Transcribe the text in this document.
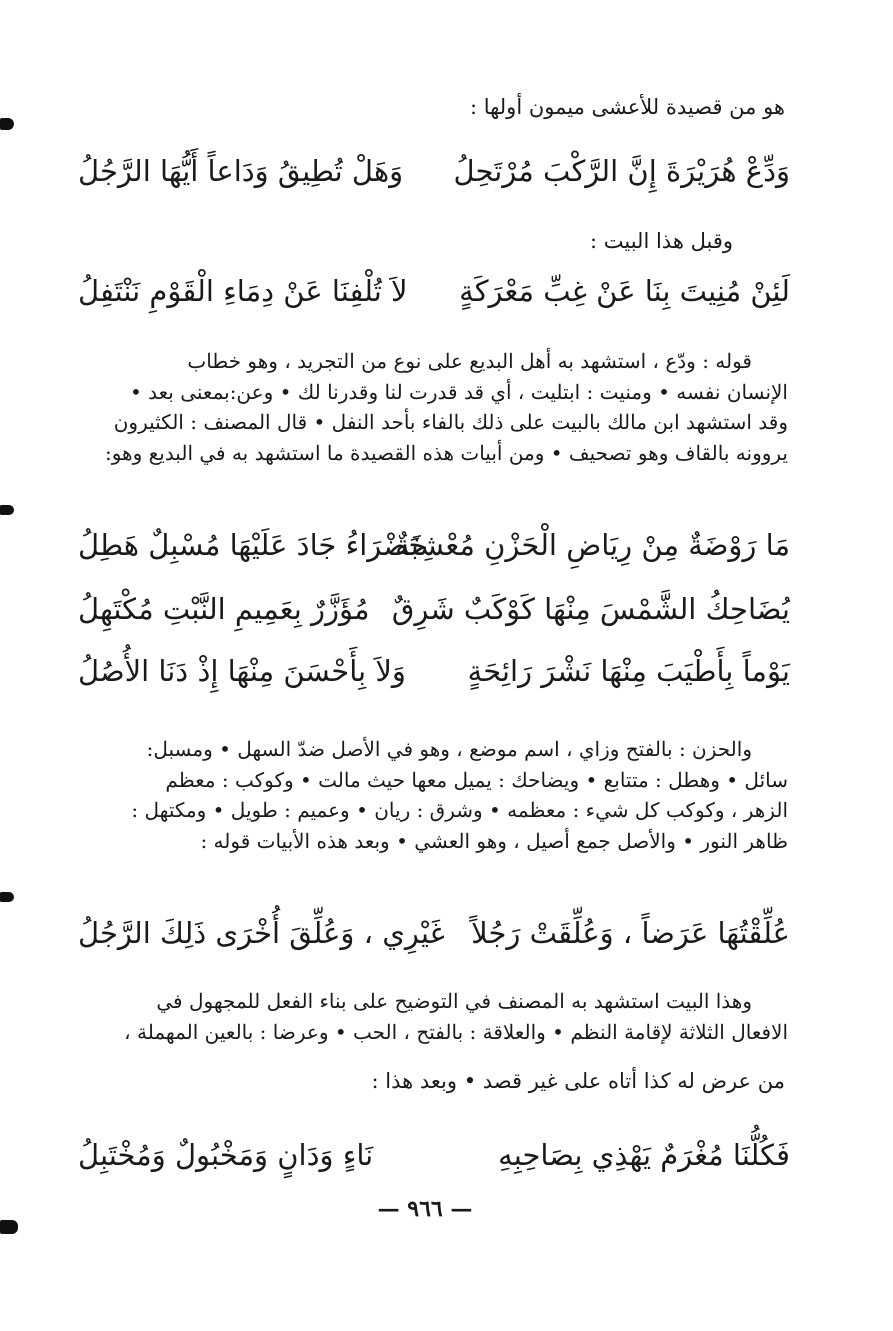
هو من قصيدة للأعشى ميمون أولها :
وَدِّعْ هُرَيْرَةَ إِنَّ الرَّكْبَ مُرْتَحِلُ
وَهَلْ تُطِيقُ وَدَاعاً أَيُّهَا الرَّجُلُ
وقبل هذا البيت :
لَئِنْ مُنِيتَ بِنَا عَنْ غِبِّ مَعْرَكَةٍ
لاَ تُلْفِنَا عَنْ دِمَاءِ الْقَوْمِ نَنْتَفِلُ

قوله : ودّع ، استشهد به أهل البديع على نوع من التجريد ، وهو خطاب

الإنسان نفسه • ومنيت : ابتليت ، أي قد قدرت لنا وقدرنا لك • وعن:بمعنى بعد •

وقد استشهد ابن مالك بالبيت على ذلك بالفاء بأحد النفل • قال المصنف : الكثيرون

يروونه بالقاف وهو تصحيف • ومن أبيات هذه القصيدة ما استشهد به في البديع وهو:

مَا رَوْضَةٌ مِنْ رِيَاضِ الْحَزْنِ مُعْشِبَةٌ
خَضْرَاءُ جَادَ عَلَيْهَا مُسْبِلٌ هَطِلُ
يُضَاحِكُ الشَّمْسَ مِنْهَا كَوْكَبٌ شَرِقٌ
مُؤَزَّرٌ بِعَمِيمِ النَّبْتِ مُكْتَهِلُ
يَوْماً بِأَطْيَبَ مِنْهَا نَشْرَ رَائِحَةٍ
وَلاَ بِأَحْسَنَ مِنْهَا إِذْ دَنَا الأُصُلُ

والحزن : بالفتح وزاي ، اسم موضع ، وهو في الأصل ضدّ السهل • ومسبل:

سائل • وهطل : متتابع • ويضاحك : يميل معها حيث مالت • وكوكب : معظم

الزهر ، وكوكب كل شيء : معظمه • وشرق : ريان • وعميم : طويل • ومكتهل :

ظاهر النور • والأصل جمع أصيل ، وهو العشي • وبعد هذه الأبيات قوله :

عُلِّقْتُهَا عَرَضاً ، وَعُلِّقَتْ رَجُلاً
غَيْرِي ، وَعُلِّقَ أُخْرَى ذَلِكَ الرَّجُلُ

وهذا البيت استشهد به المصنف في التوضيح على بناء الفعل للمجهول في

الافعال الثلاثة لإقامة النظم • والعلاقة : بالفتح ، الحب • وعرضا : بالعين المهملة ،

من عرض له كذا أتاه على غير قصد • وبعد هذا :
فَكُلُّنَا مُغْرَمٌ يَهْذِي بِصَاحِبِهِ
نَاءٍ وَدَانٍ وَمَخْبُولٌ وَمُخْتَبِلُ
— ٩٦٦ —
